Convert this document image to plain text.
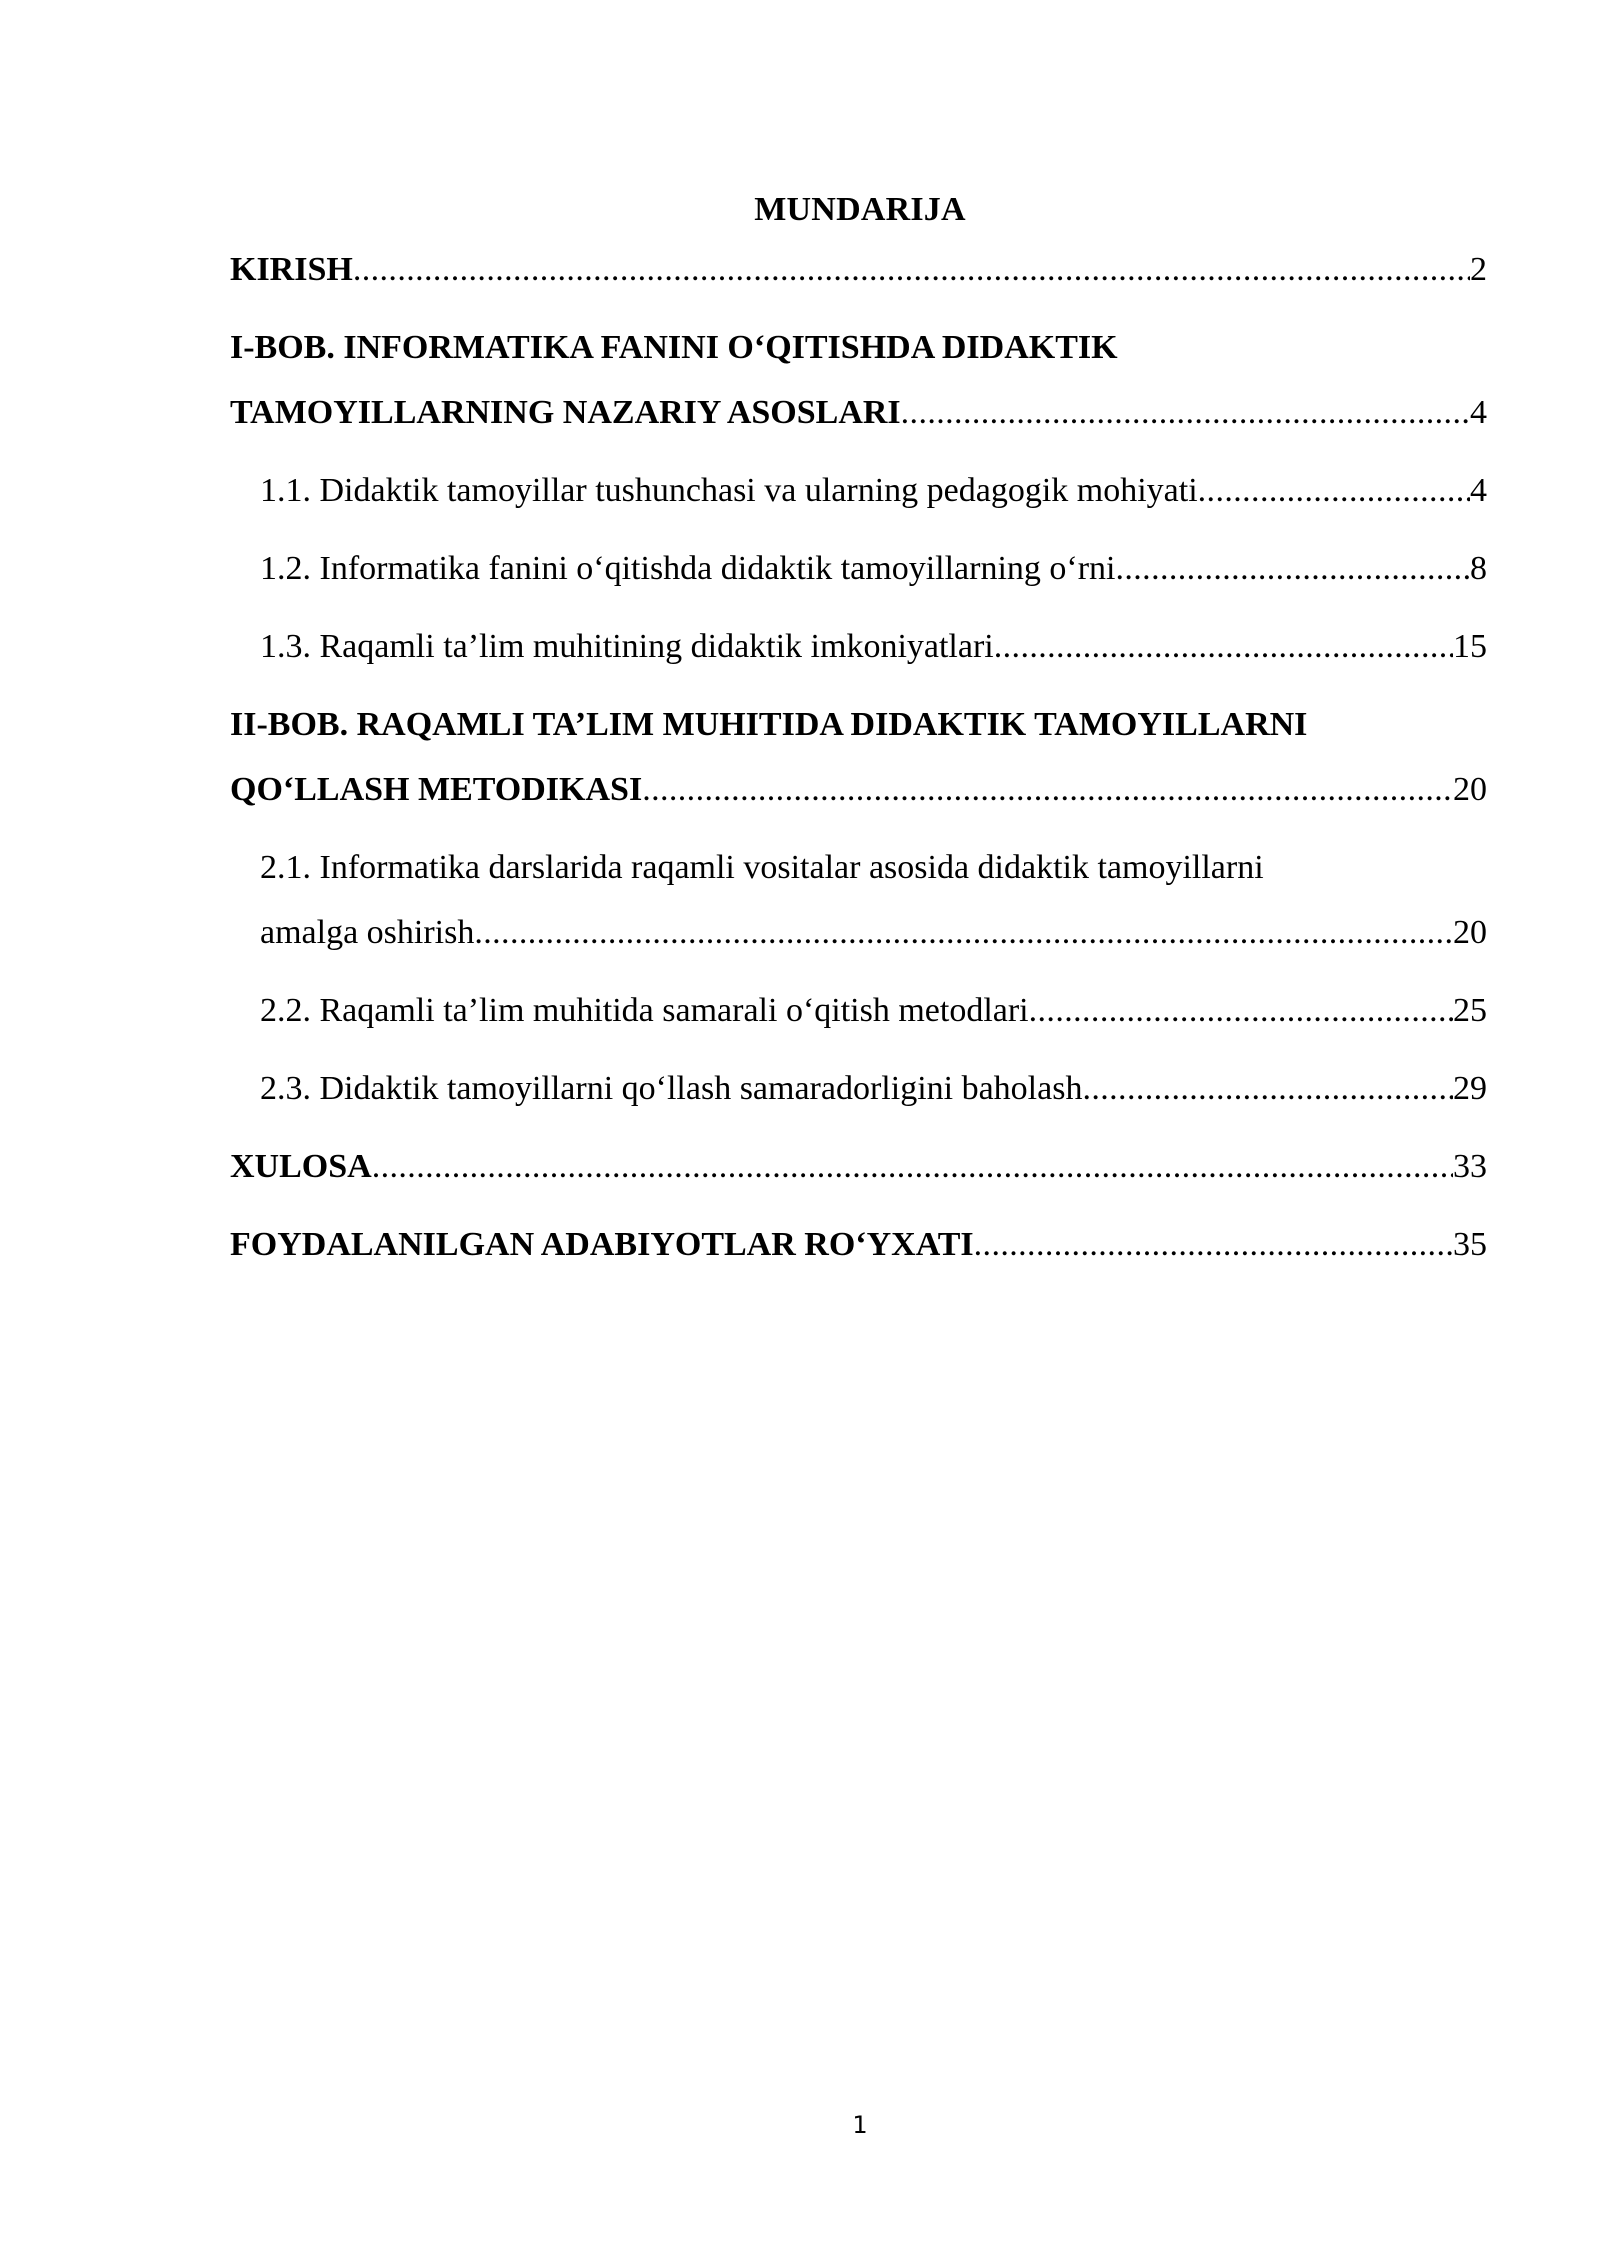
MUNDARIJA
KIRISH .....	2
I-BOB. INFORMATIKA FANINI O‘QITISHDA DIDAKTIK
TAMOYILLARNING NAZARIY ASOSLARI .....	4
1.1. Didaktik tamoyillar tushunchasi va ularning pedagogik mohiyati .....	4
1.2. Informatika fanini o‘qitishda didaktik tamoyillarning o‘rni .....	8
1.3. Raqamli ta’lim muhitining didaktik imkoniyatlari .....	15
II-BOB. RAQAMLI TA’LIM MUHITIDA DIDAKTIK TAMOYILLARNI
QO‘LLASH METODIKASI .....	20
2.1. Informatika darslarida raqamli vositalar asosida didaktik tamoyillarni
amalga oshirish .....	20
2.2. Raqamli ta’lim muhitida samarali o‘qitish metodlari .....	25
2.3. Didaktik tamoyillarni qo‘llash samaradorligini baholash .....	29
XULOSA .....	33
FOYDALANILGAN ADABIYOTLAR RO‘YXATI .....	35
1
